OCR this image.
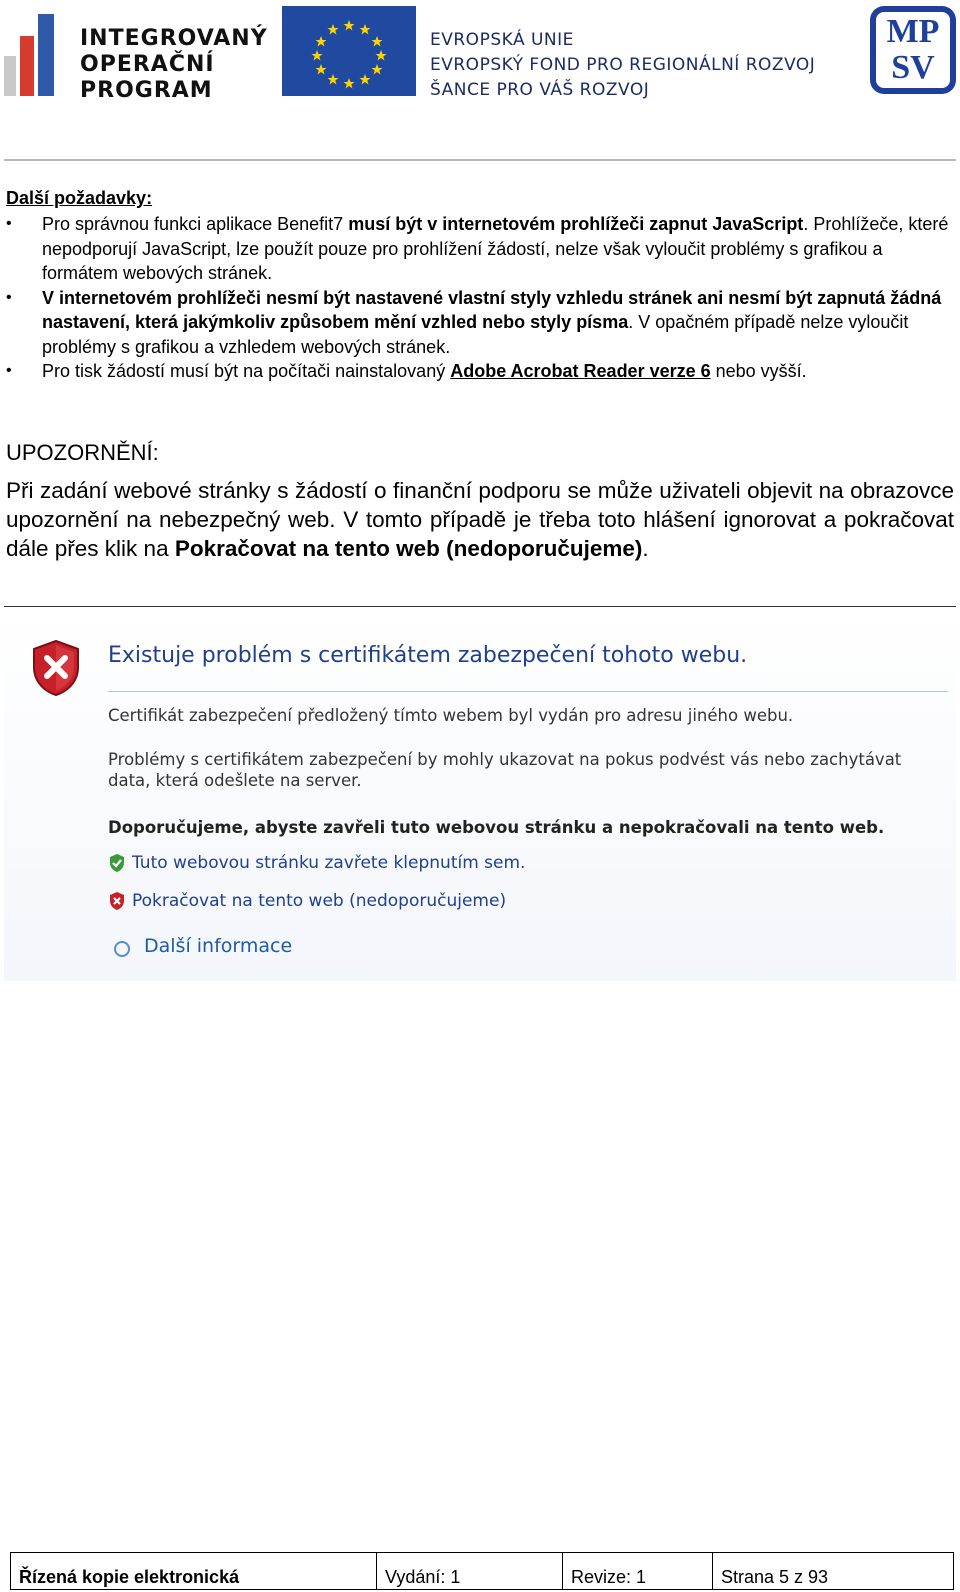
INTEGROVANÝ
OPERAČNÍ
PROGRAM
EVROPSKÁ UNIE
EVROPSKÝ FOND PRO REGIONÁLNÍ ROZVOJ
ŠANCE PRO VÁŠ ROZVOJ
MP
SV
Další požadavky:
• Pro správnou funkci aplikace Benefit7 musí být v internetovém prohlížeči zapnut JavaScript. Prohlížeče, které nepodporují JavaScript, lze použít pouze pro prohlížení žádostí, nelze však vyloučit problémy s grafikou a formátem webových stránek.
• V internetovém prohlížeči nesmí být nastavené vlastní styly vzhledu stránek ani nesmí být zapnutá žádná nastavení, která jakýmkoliv způsobem mění vzhled nebo styly písma. V opačném případě nelze vyloučit problémy s grafikou a vzhledem webových stránek.
• Pro tisk žádostí musí být na počítači nainstalovaný Adobe Acrobat Reader verze 6 nebo vyšší.
UPOZORNĚNÍ:
Při zadání webové stránky s žádostí o finanční podporu se může uživateli objevit na obrazovce upozornění na nebezpečný web. V tomto případě je třeba toto hlášení ignorovat a pokračovat dále přes klik na Pokračovat na tento web (nedoporučujeme).
Existuje problém s certifikátem zabezpečení tohoto webu.
Certifikát zabezpečení předložený tímto webem byl vydán pro adresu jiného webu.
Problémy s certifikátem zabezpečení by mohly ukazovat na pokus podvést vás nebo zachytávat data, která odešlete na server.
Doporučujeme, abyste zavřeli tuto webovou stránku a nepokračovali na tento web.
Tuto webovou stránku zavřete klepnutím sem.
Pokračovat na tento web (nedoporučujeme)
Další informace
Řízená kopie elektronická	Vydání: 1	Revize: 1	Strana 5 z 93
